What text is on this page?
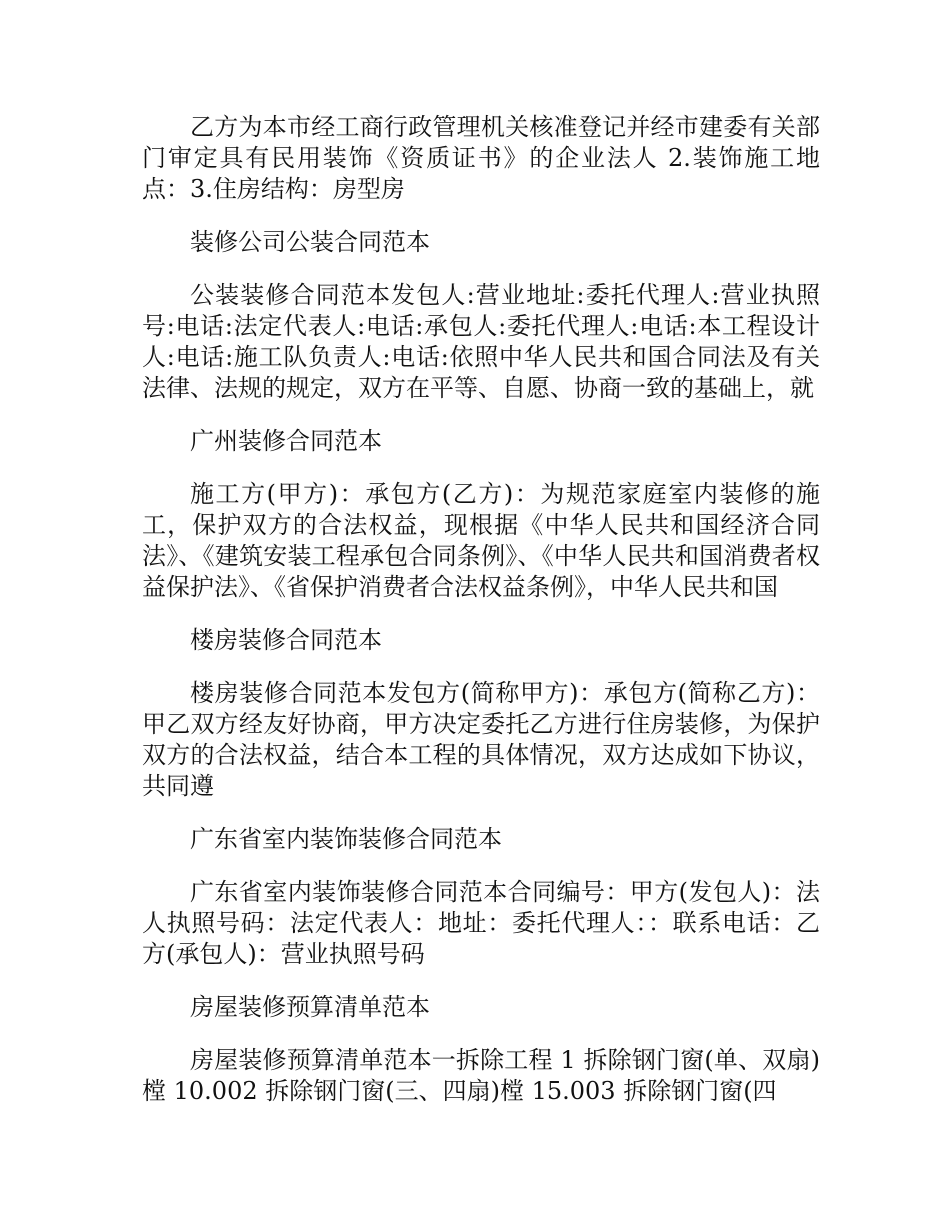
乙方为本市经工商行政管理机关核准登记并经市建委有关部门审定具有民用装饰《资质证书》的企业法人 2.装饰施工地点：3.住房结构：房型房

装修公司公装合同范本

公装装修合同范本发包人:营业地址:委托代理人:营业执照号:电话:法定代表人:电话:承包人:委托代理人:电话:本工程设计人:电话:施工队负责人:电话:依照中华人民共和国合同法及有关法律、法规的规定，双方在平等、自愿、协商一致的基础上，就

广州装修合同范本

施工方(甲方)：承包方(乙方)：为规范家庭室内装修的施工，保护双方的合法权益，现根据《中华人民共和国经济合同法》、《建筑安装工程承包合同条例》、《中华人民共和国消费者权益保护法》、《省保护消费者合法权益条例》，中华人民共和国

楼房装修合同范本

楼房装修合同范本发包方(简称甲方)：承包方(简称乙方)：甲乙双方经友好协商，甲方决定委托乙方进行住房装修，为保护双方的合法权益，结合本工程的具体情况，双方达成如下协议，共同遵

广东省室内装饰装修合同范本

广东省室内装饰装修合同范本合同编号：甲方(发包人)：法人执照号码：法定代表人：地址：委托代理人：：联系电话：乙方(承包人)：营业执照号码

房屋装修预算清单范本

房屋装修预算清单范本一拆除工程 1 拆除钢门窗(单、双扇)樘 10.002 拆除钢门窗(三、四扇)樘 15.003 拆除钢门窗(四
